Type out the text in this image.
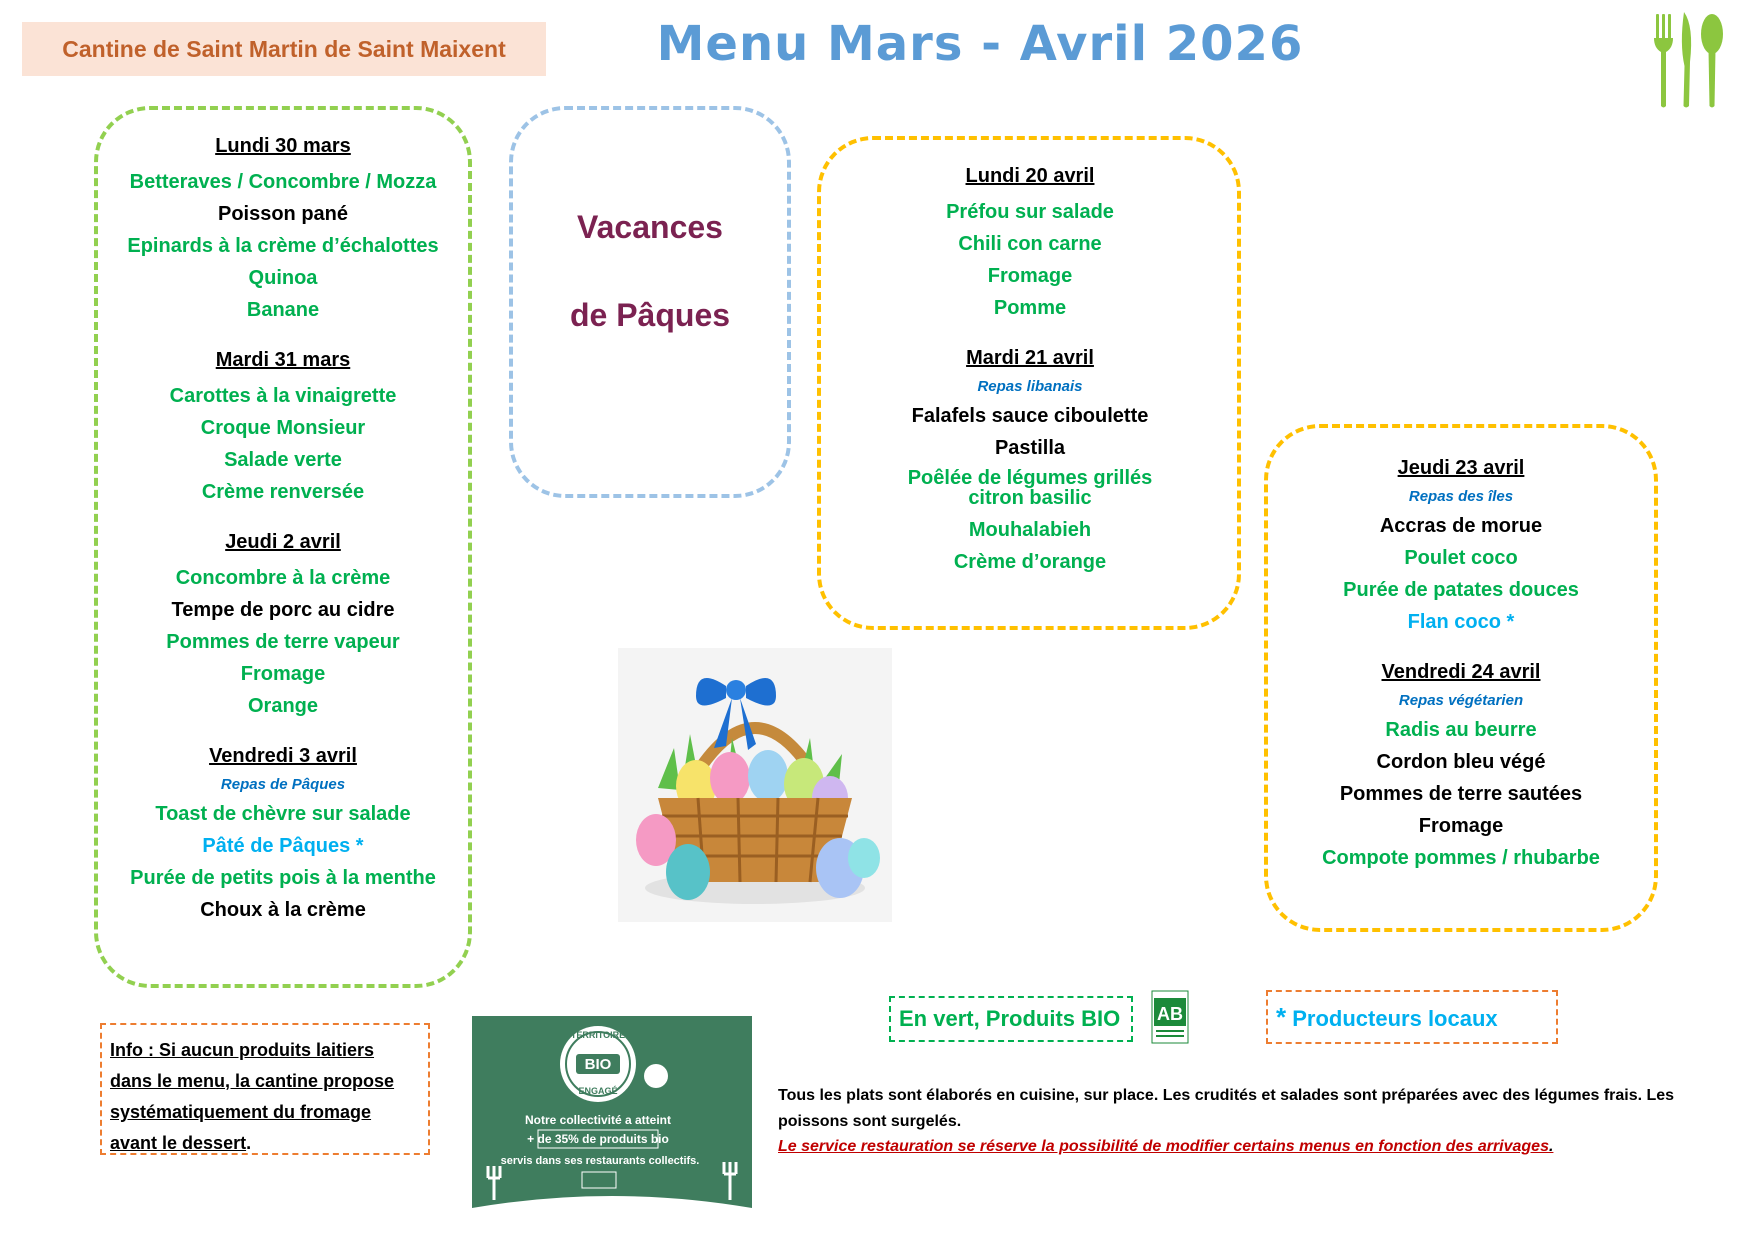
Cantine de Saint Martin de Saint Maixent	Menu Mars - Avril 2026
Lundi 30 mars
Betteraves / Concombre / Mozza
Poisson pané
Epinards à la crème d’échalottes
Quinoa
Banane
Mardi 31 mars
Carottes à la vinaigrette
Croque Monsieur
Salade verte
Crème renversée
Jeudi 2 avril
Concombre à la crème
Tempe de porc au cidre
Pommes de terre vapeur
Fromage
Orange
Vendredi 3 avril
Repas de Pâques
Toast de chèvre sur salade
Pâté de Pâques *
Purée de petits pois à la menthe
Choux à la crème
Vacances
de Pâques
Lundi 20 avril
Préfou sur salade
Chili con carne
Fromage
Pomme
Mardi 21 avril
Repas libanais
Falafels sauce ciboulette
Pastilla
Poêlée de légumes grillés citron basilic
Mouhalabieh
Crème d’orange
Jeudi 23 avril
Repas des îles
Accras de morue
Poulet coco
Purée de patates douces
Flan coco *
Vendredi 24 avril
Repas végétarien
Radis au beurre
Cordon bleu végé
Pommes de terre sautées
Fromage
Compote pommes / rhubarbe
En vert, Produits BIO	AB	* Producteurs locaux
Info : Si aucun produits laitiers
dans le menu, la cantine propose
systématiquement du fromage
avant le dessert.
TERRITOIRE
BIO
ENGAGÉ
Notre collectivité a atteint
+ de 35% de produits bio
servis dans ses restaurants collectifs.
Tous les plats sont élaborés en cuisine, sur place. Les crudités et salades sont préparées avec des légumes frais. Les poissons sont surgelés.
Le service restauration se réserve la possibilité de modifier certains menus en fonction des arrivages.
